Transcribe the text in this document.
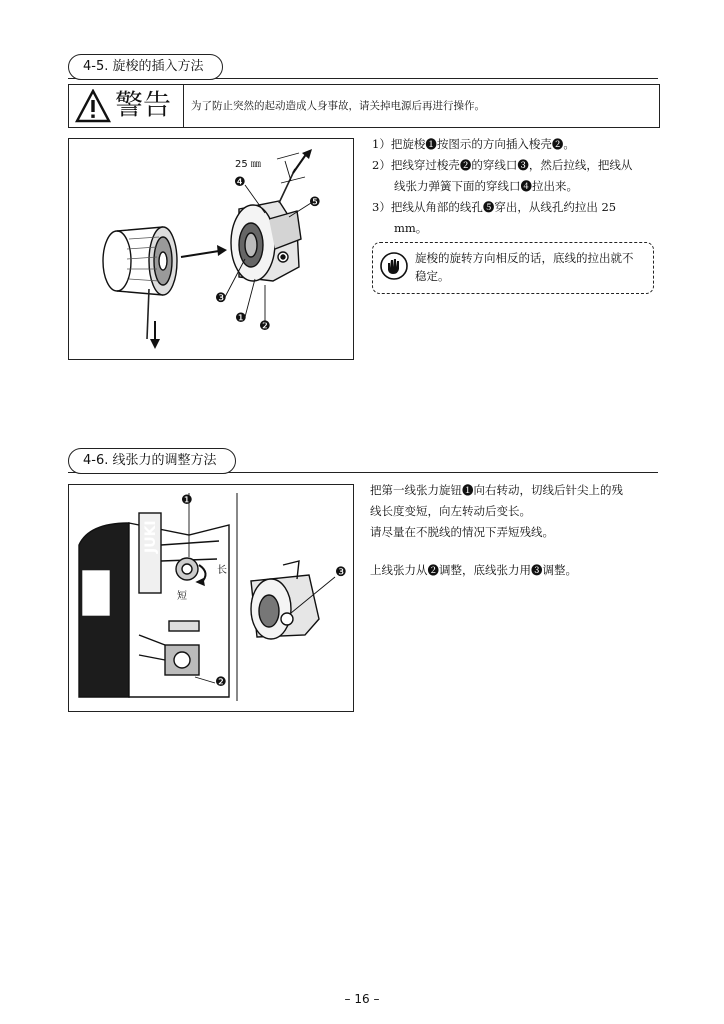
4-5. 旋梭的插入方法
警告 为了防止突然的起动造成人身事故，请关掉电源后再进行操作。
25 ㎜
❹
❺
❸
❶
❷
1）把旋梭❶按图示的方向插入梭壳❷。
2）把线穿过梭壳❷的穿线口❸，然后拉线，把线从
线张力弹簧下面的穿线口❹拉出来。
3）把线从角部的线孔❺穿出，从线孔约拉出 25
mm。
旋梭的旋转方向相反的话，底线的拉出就不
稳定。
4-6. 线张力的调整方法
JUKI
❶
长
短
❷
❸
把第一线张力旋钮❶向右转动，切线后针尖上的残
线长度变短，向左转动后变长。
请尽量在不脱线的情况下弄短残线。
上线张力从❷调整，底线张力用❸调整。
– 16 –
